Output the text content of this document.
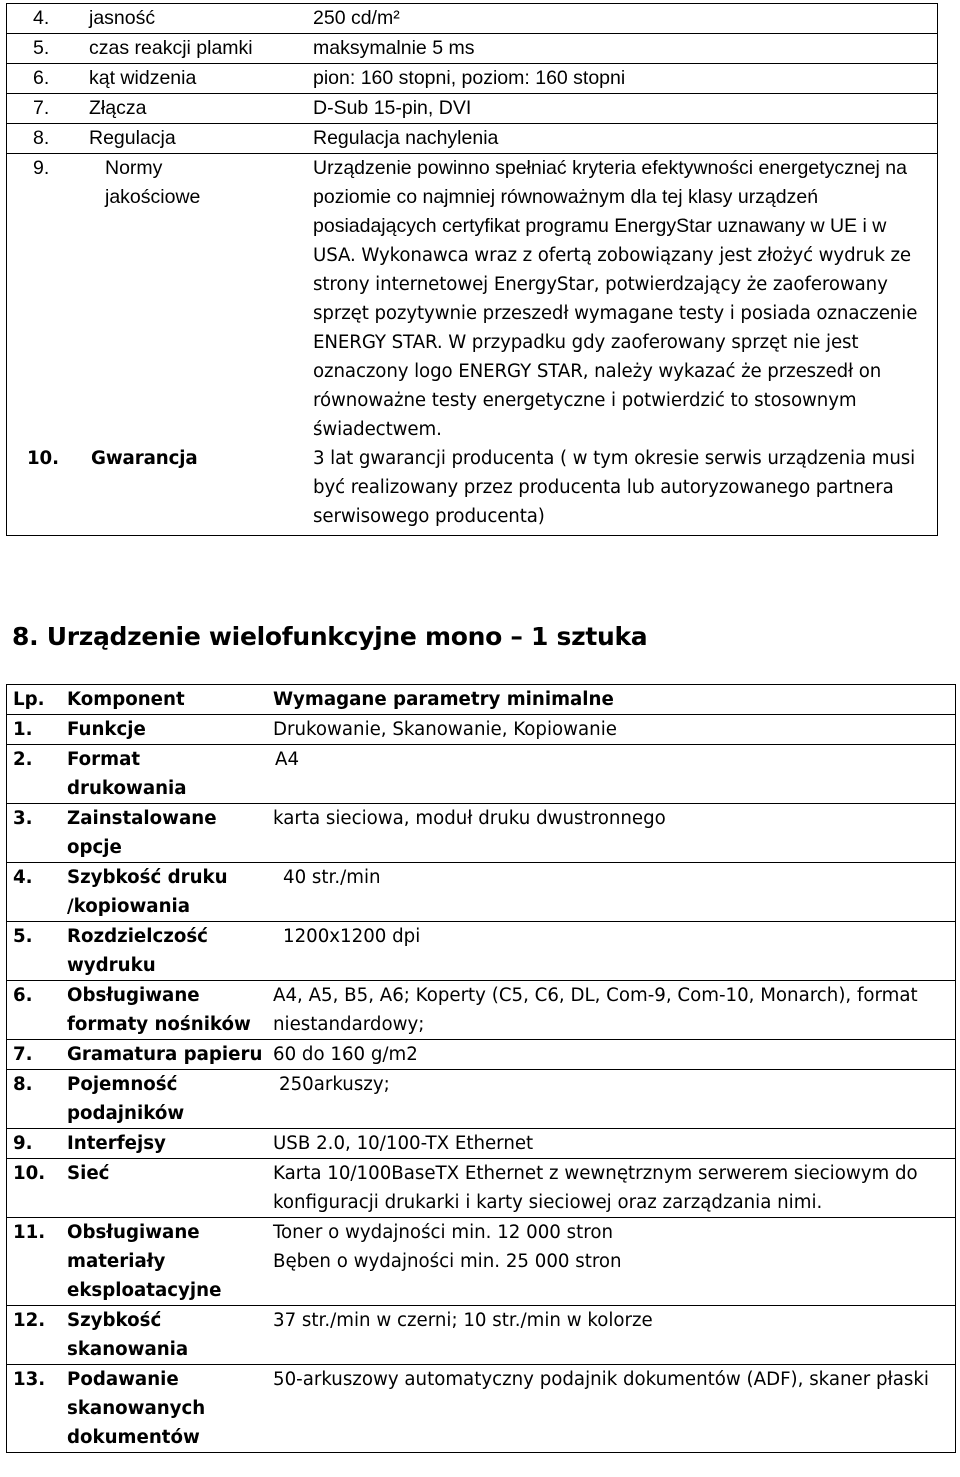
4.	jasność	250 cd/m²
5.	czas reakcji plamki	maksymalnie 5 ms
6.	kąt widzenia	pion: 160 stopni, poziom: 160 stopni
7.	Złącza	D-Sub 15-pin, DVI
8.	Regulacja	Regulacja nachylenia
9.	Normy jakościowe	Urządzenie powinno spełniać kryteria efektywności energetycznej na poziomie co najmniej równoważnym dla tej klasy urządzeń posiadających certyfikat programu EnergyStar uznawany w UE i w USA. Wykonawca wraz z ofertą zobowiązany jest złożyć wydruk ze strony internetowej EnergyStar, potwierdzający że zaoferowany sprzęt pozytywnie przeszedł wymagane testy i posiada oznaczenie ENERGY STAR. W przypadku gdy zaoferowany sprzęt nie jest oznaczony logo ENERGY STAR, należy wykazać że przeszedł on równoważne testy energetyczne i potwierdzić to stosownym świadectwem.
10.	Gwarancja	3 lat gwarancji producenta ( w tym okresie serwis urządzenia musi być realizowany przez producenta lub autoryzowanego partnera serwisowego producenta)
8. Urządzenie wielofunkcyjne mono – 1 sztuka
Lp.	Komponent	Wymagane parametry minimalne
1.	Funkcje	Drukowanie, Skanowanie, Kopiowanie
2.	Format drukowania	A4
3.	Zainstalowane opcje	karta sieciowa, moduł druku dwustronnego
4.	Szybkość druku /kopiowania	40 str./min
5.	Rozdzielczość wydruku	1200x1200 dpi
6.	Obsługiwane formaty nośników	A4, A5, B5, A6; Koperty (C5, C6, DL, Com-9, Com-10, Monarch), format niestandardowy;
7.	Gramatura papieru	60 do 160 g/m2
8.	Pojemność podajników	250arkuszy;
9.	Interfejsy	USB 2.0, 10/100-TX Ethernet
10.	Sieć	Karta 10/100BaseTX Ethernet z wewnętrznym serwerem sieciowym do konfiguracji drukarki i karty sieciowej oraz zarządzania nimi.
11.	Obsługiwane materiały eksploatacyjne	Toner o wydajności min. 12 000 stron
Bęben o wydajności min. 25 000 stron

12.	Szybkość skanowania	37 str./min w czerni; 10 str./min w kolorze
13.	Podawanie skanowanych dokumentów	50-arkuszowy automatyczny podajnik dokumentów (ADF), skaner płaski
